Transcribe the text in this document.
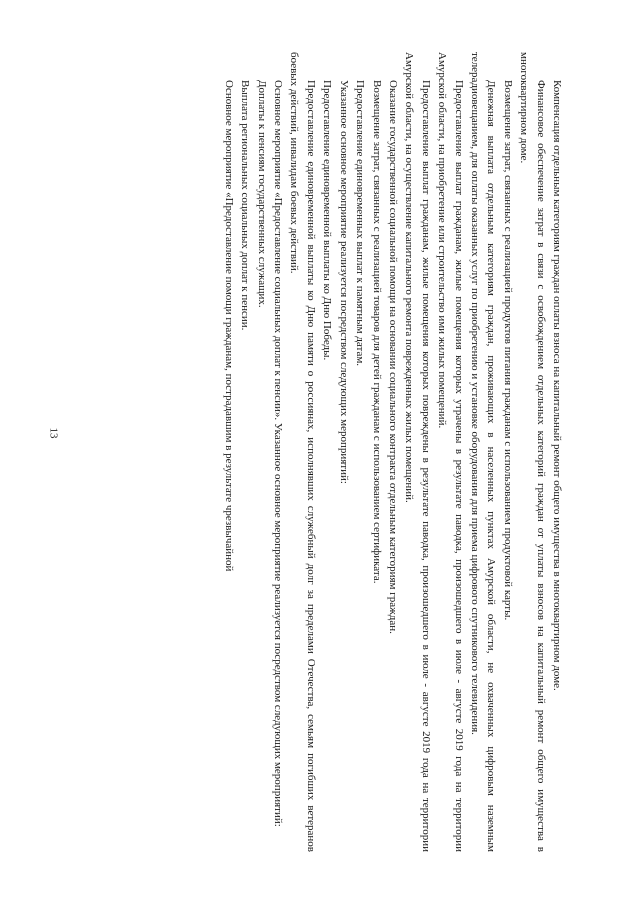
13	Компенсация отдельным категориям граждан оплаты взноса на капитальный ремонт общего имущества в многоквартирном доме.

Финансовое обеспечение затрат в связи с освобождением отдельных категорий граждан от уплаты взносов на капитальный ремонт общего имущества в многоквартирном доме.

Возмещение затрат, связанных с реализацией продуктов питания гражданам с использованием продуктовой карты.

Денежная выплата отдельным категориям граждан, проживающих в населенных пунктах Амурской области, не охваченных цифровым наземным телерадиовещанием, для оплаты оказанных услуг по приобретению и установке оборудования для приема цифрового спутникового телевидения.

Предоставление выплат гражданам, жилые помещения которых утрачены в результате паводка, произошедшего в июле - августе 2019 года на территории Амурской области, на приобретение или строительство ими жилых помещений.

Предоставление выплат гражданам, жилые помещения которых повреждены в результате паводка, произошедшего в июле - августе 2019 года на территории Амурской области, на осуществление капитального ремонта поврежденных жилых помещений.

Оказание государственной социальной помощи на основании социального контракта отдельным категориям граждан.

Возмещение затрат, связанных с реализацией товаров для детей гражданам с использованием сертификата.

Предоставление единовременных выплат к памятным датам.

Указанное основное мероприятие реализуется посредством следующих мероприятий:

Предоставление единовременной выплаты ко Дню Победы.

Предоставление единовременной выплаты ко Дню памяти о россиянах, исполнявших служебный долг за пределами Отечества, семьям погибших ветеранов боевых действий, инвалидам боевых действий.

Основное мероприятие «Предоставление социальных доплат к пенсии». Указанное основное мероприятие реализуется посредством следующих мероприятий:

Доплаты к пенсиям государственных служащих.

Выплата региональных социальных доплат к пенсии.

Основное мероприятие «Предоставление помощи гражданам, пострадавшим в результате чрезвычайной
